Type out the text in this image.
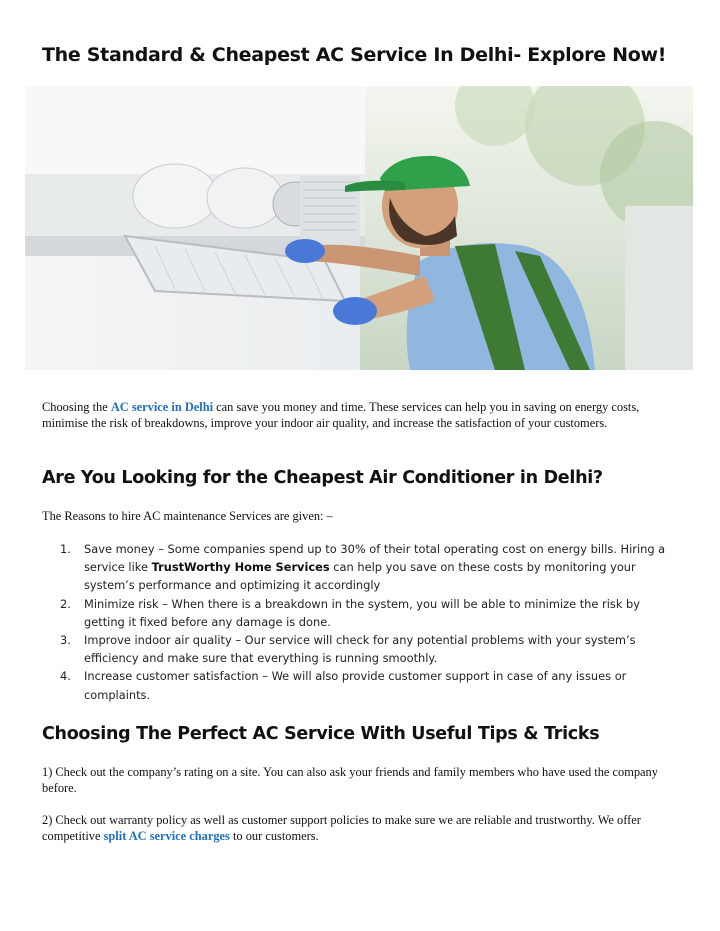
The Standard & Cheapest AC Service In Delhi- Explore Now!

Choosing the AC service in Delhi can save you money and time. These services can help you in saving on energy costs, minimise the risk of breakdowns, improve your indoor air quality, and increase the satisfaction of your customers.

Are You Looking for the Cheapest Air Conditioner in Delhi?

The Reasons to hire AC maintenance Services are given: –

1. Save money – Some companies spend up to 30% of their total operating cost on energy bills. Hiring a service like TrustWorthy Home Services can help you save on these costs by monitoring your system’s performance and optimizing it accordingly
2. Minimize risk – When there is a breakdown in the system, you will be able to minimize the risk by getting it fixed before any damage is done.
3. Improve indoor air quality – Our service will check for any potential problems with your system’s efficiency and make sure that everything is running smoothly.
4. Increase customer satisfaction – We will also provide customer support in case of any issues or complaints.
Choosing The Perfect AC Service With Useful Tips & Tricks

1) Check out the company’s rating on a site. You can also ask your friends and family members who have used the company before.

2) Check out warranty policy as well as customer support policies to make sure we are reliable and trustworthy. We offer competitive split AC service charges to our customers.
